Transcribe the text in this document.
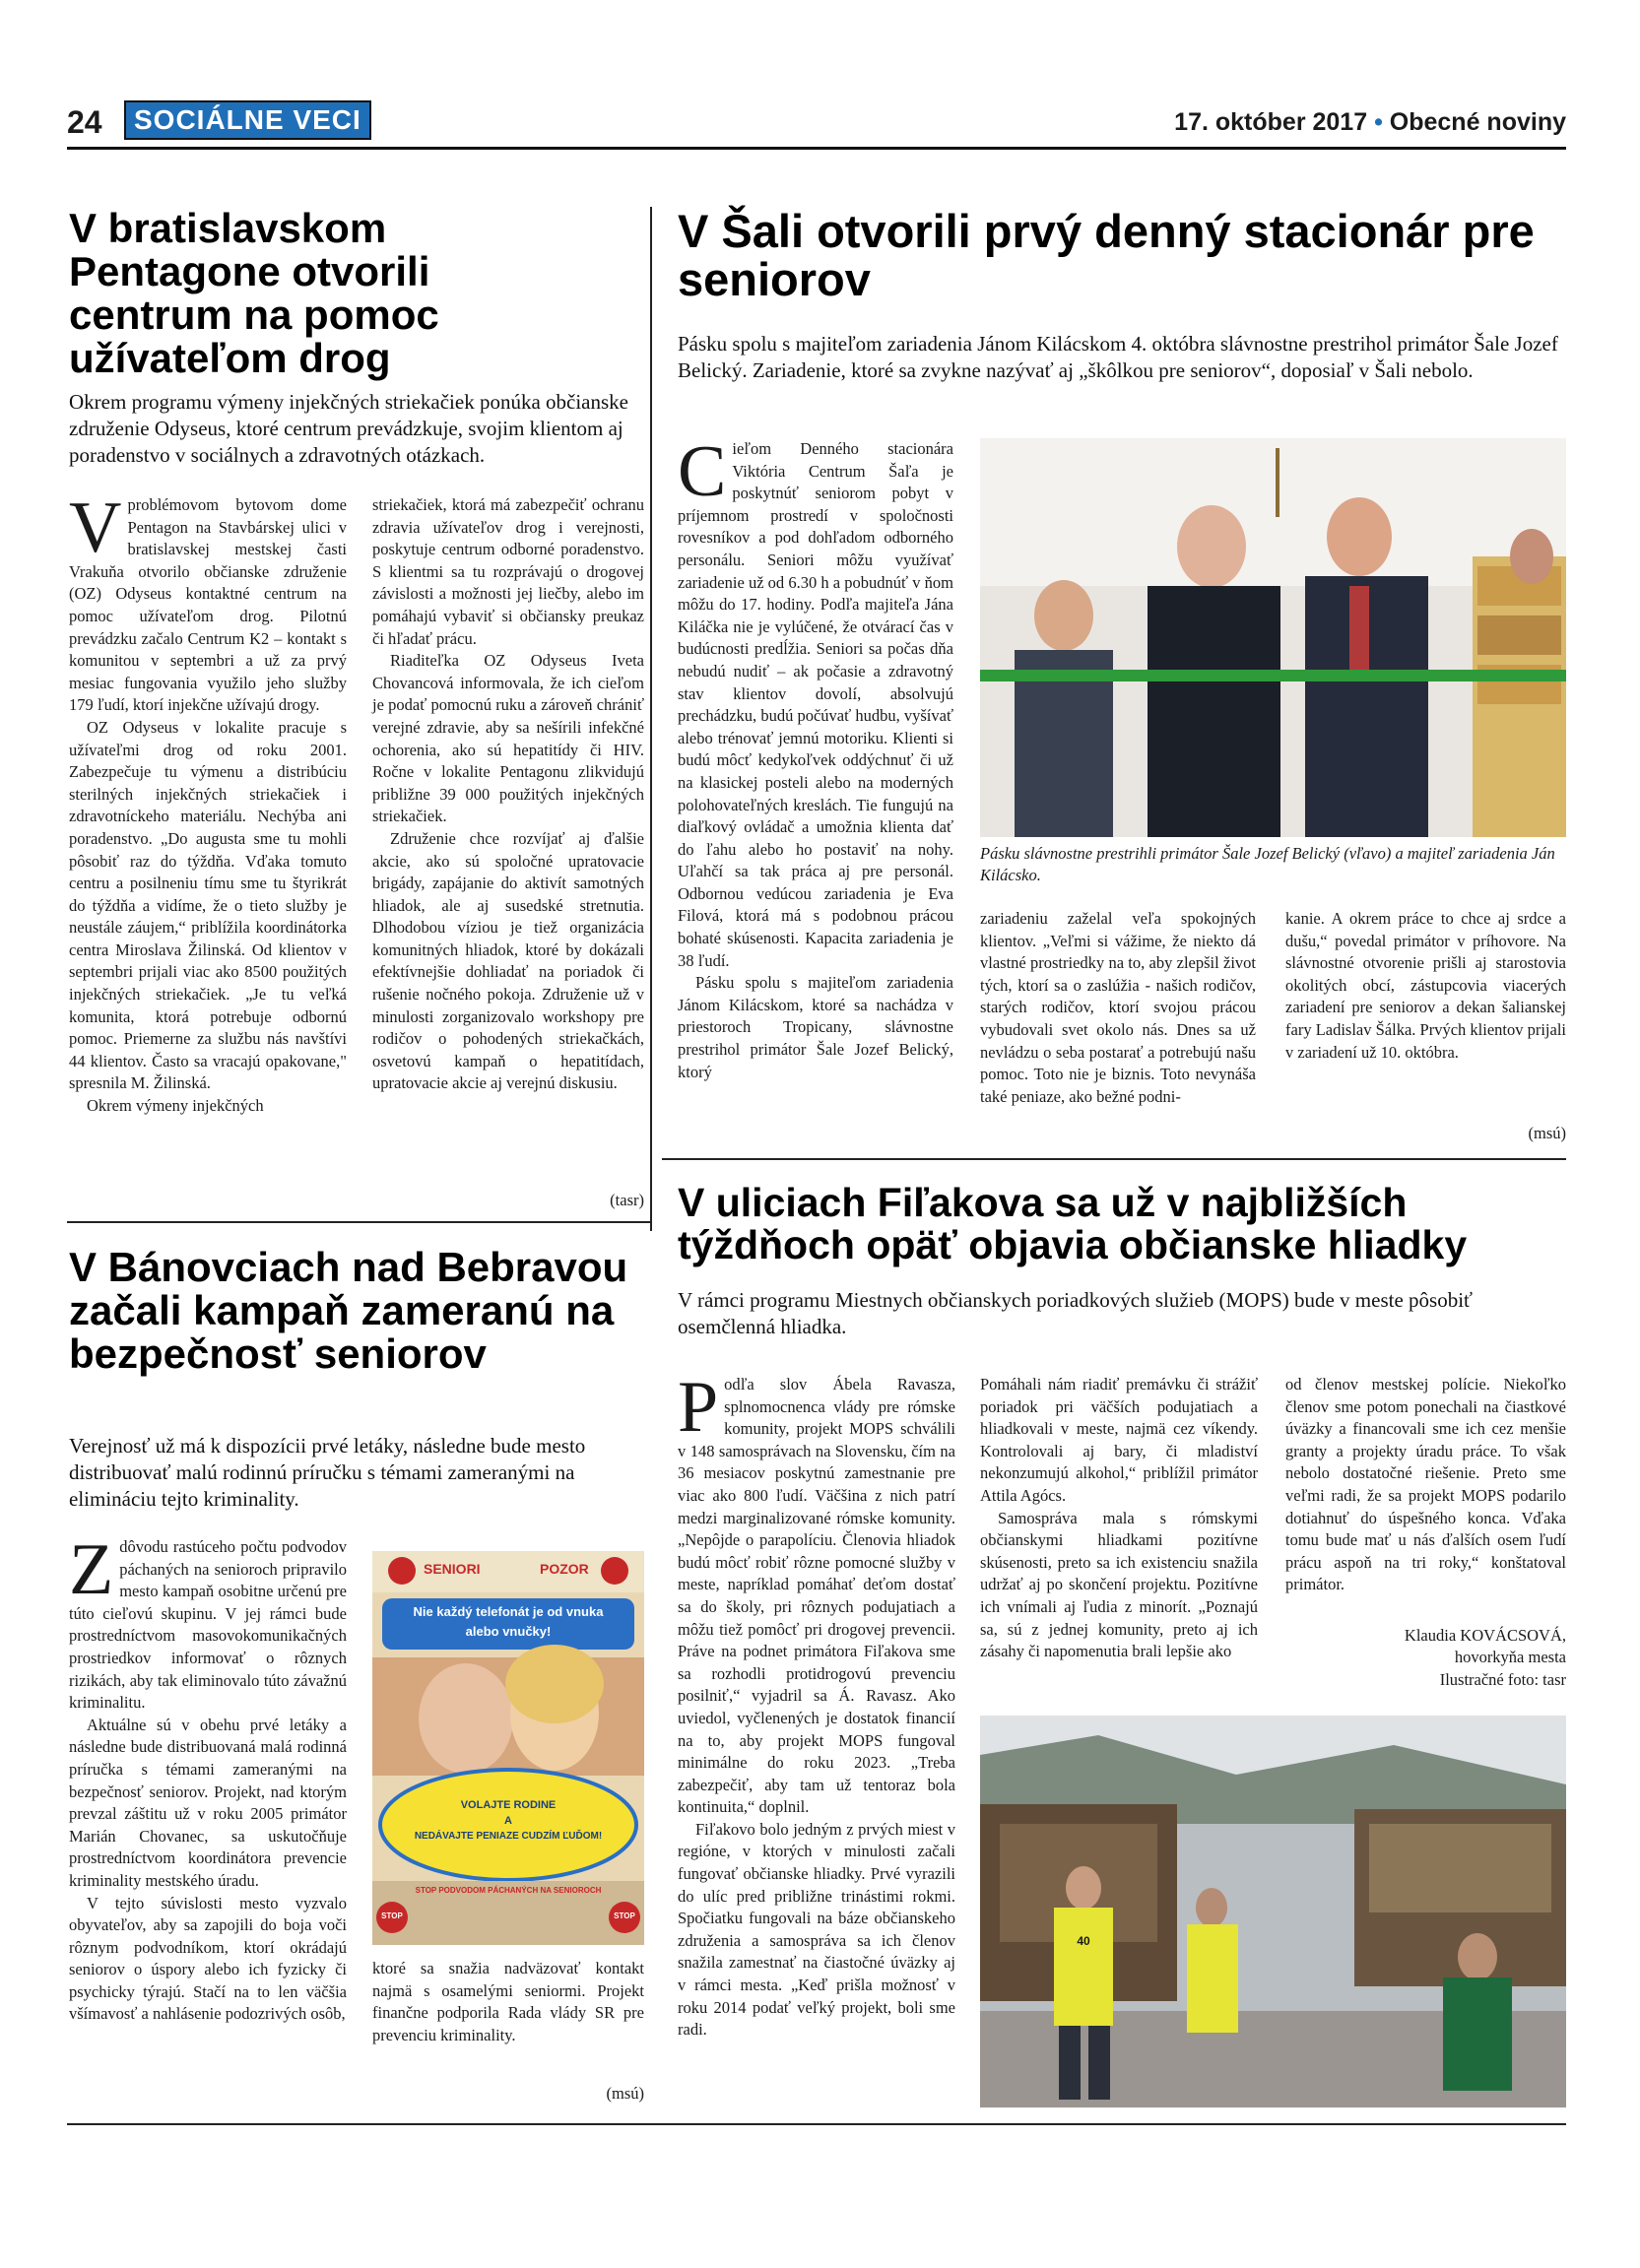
24	SOCIÁLNE VECI	17. október 2017 • Obecné noviny
V bratislavskom Pentagone otvorili centrum na pomoc užívateľom drog
Okrem programu výmeny injekčných striekačiek ponúka občianske združenie Odyseus, ktoré centrum prevádzkuje, svojim klientom aj poradenstvo v sociálnych a zdravotných otázkach.

Vproblémovom bytovom dome Pentagon na Stavbárskej ulici v bratislavskej mestskej časti Vrakuňa otvorilo občianske združenie (OZ) Odyseus kontaktné centrum na pomoc užívateľom drog. Pilotnú prevádzku začalo Centrum K2 – kontakt s komunitou v septembri a už za prvý mesiac fungovania využilo jeho služby 179 ľudí, ktorí injekčne užívajú drogy.

OZ Odyseus v lokalite pracuje s užívateľmi drog od roku 2001. Zabezpečuje tu výmenu a distribúciu sterilných injekčných striekačiek i zdravotníckeho materiálu. Nechýba ani poradenstvo. „Do augusta sme tu mohli pôsobiť raz do týždňa. Vďaka tomuto centru a posilneniu tímu sme tu štyrikrát do týždňa a vidíme, že o tieto služby je neustále záujem,“ priblížila koordinátorka centra Miroslava Žilinská. Od klientov v septembri prijali viac ako 8500 použitých injekčných striekačiek. „Je tu veľká komunita, ktorá potrebuje odbornú pomoc. Priemerne za službu nás navštívi 44 klientov. Často sa vracajú opakovane," spresnila M. Žilinská.

Okrem výmeny injekčných

striekačiek, ktorá má zabezpečiť ochranu zdravia užívateľov drog i verejnosti, poskytuje centrum odborné poradenstvo. S klientmi sa tu rozprávajú o drogovej závislosti a možnosti jej liečby, alebo im pomáhajú vybaviť si občiansky preukaz či hľadať prácu.

Riaditeľka OZ Odyseus Iveta Chovancová informovala, že ich cieľom je podať pomocnú ruku a zároveň chrániť verejné zdravie, aby sa nešírili infekčné ochorenia, ako sú hepatitídy či HIV. Ročne v lokalite Pentagonu zlikvidujú približne 39 000 použitých injekčných striekačiek.

Združenie chce rozvíjať aj ďalšie akcie, ako sú spoločné upratovacie brigády, zapájanie do aktivít samotných hliadok, ale aj susedské stretnutia. Dlhodobou víziou je tiež organizácia komunitných hliadok, ktoré by dokázali efektívnejšie dohliadať na poriadok či rušenie nočného pokoja. Združenie už v minulosti zorganizovalo workshopy pre rodičov o pohodených striekačkách, osvetovú kampaň o hepatitídach, upratovacie akcie aj verejnú diskusiu.

(tasr)
V Šali otvorili prvý denný stacionár pre seniorov
Pásku spolu s majiteľom zariadenia Jánom Kilácskom 4. októbra slávnostne prestrihol primátor Šale Jozef Belický. Zariadenie, ktoré sa zvykne nazývať aj „škôlkou pre seniorov“, doposiaľ v Šali nebolo.

Cieľom Denného stacionára Viktória Centrum Šaľa je poskytnúť seniorom pobyt v príjemnom prostredí v spoločnosti rovesníkov a pod dohľadom odborného personálu. Seniori môžu využívať zariadenie už od 6.30 h a pobudnúť v ňom môžu do 17. hodiny. Podľa majiteľa Jána Kiláčka nie je vylúčené, že otvárací čas v budúcnosti predĺžia. Seniori sa počas dňa nebudú nudiť – ak počasie a zdravotný stav klientov dovolí, absolvujú prechádzku, budú počúvať hudbu, vyšívať alebo trénovať jemnú motoriku. Klienti si budú môcť kedykoľvek oddýchnuť či už na klasickej posteli alebo na moderných polohovateľných kreslách. Tie fungujú na diaľkový ovládač a umožnia klienta dať do ľahu alebo ho postaviť na nohy. Uľahčí sa tak práca aj pre personál. Odbornou vedúcou zariadenia je Eva Filová, ktorá má s podobnou prácou bohaté skúsenosti. Kapacita zariadenia je 38 ľudí.

Pásku spolu s majiteľom zariadenia Jánom Kilácskom, ktoré sa nachádza v priestoroch Tropicany, slávnostne prestrihol primátor Šale Jozef Belický, ktorý

Pásku slávnostne prestrihli primátor Šale Jozef Belický (vľavo) a majiteľ zariadenia Ján Kilácsko.

zariadeniu zaželal veľa spokojných klientov. „Veľmi si vážime, že niekto dá vlastné prostriedky na to, aby zlepšil život tých, ktorí sa o zaslúžia - našich rodičov, starých rodičov, ktorí svojou prácou vybudovali svet okolo nás. Dnes sa už nevládzu o seba postarať a potrebujú našu pomoc. Toto nie je biznis. Toto nevynáša také peniaze, ako bežné podni-

kanie. A okrem práce to chce aj srdce a dušu,“ povedal primátor v príhovore. Na slávnostné otvorenie prišli aj starostovia okolitých obcí, zástupcovia viacerých zariadení pre seniorov a dekan šalianskej fary Ladislav Šálka. Prvých klientov prijali v zariadení už 10. októbra.

(msú)
V Bánovciach nad Bebravou začali kampaň zameranú na bezpečnosť seniorov
Verejnosť už má k dispozícii prvé letáky, následne bude mesto distribuovať malú rodinnú príručku s témami zameranými na elimináciu tejto kriminality.

Zdôvodu rastúceho počtu podvodov páchaných na senioroch pripravilo mesto kampaň osobitne určenú pre túto cieľovú skupinu. V jej rámci bude prostredníctvom masovokomunikačných prostriedkov informovať o rôznych rizikách, aby tak eliminovalo túto závažnú kriminalitu.

Aktuálne sú v obehu prvé letáky a následne bude distribuovaná malá rodinná príručka s témami zameranými na bezpečnosť seniorov. Projekt, nad ktorým prevzal záštitu už v roku 2005 primátor Marián Chovanec, sa uskutočňuje prostredníctvom koordinátora prevencie kriminality mestského úradu.

V tejto súvislosti mesto vyzvalo obyvateľov, aby sa zapojili do boja voči rôznym podvodníkom, ktorí okrádajú seniorov o úspory alebo ich fyzicky či psychicky týrajú. Stačí na to len väčšia všímavosť a nahlásenie podozrivých osôb,

SENIORI	POZOR
Nie každý telefonát je od vnuka
alebo vnučky!
VOLAJTE RODINE
A
NEDÁVAJTE PENIAZE CUDZÍM ĽUĎOM!
STOP	STOP
STOP PODVODOM PÁCHANÝCH NA SENIOROCH

ktoré sa snažia nadväzovať kontakt najmä s osamelými seniormi. Projekt finančne podporila Rada vlády SR pre prevenciu kriminality.

(msú)
V uliciach Fiľakova sa už v najbližších týždňoch opäť objavia občianske hliadky
V rámci programu Miestnych občianskych poriadkových služieb (MOPS) bude v meste pôsobiť osemčlenná hliadka.

Podľa slov Ábela Ravasza, splnomocnenca vlády pre rómske komunity, projekt MOPS schválili v 148 samosprávach na Slovensku, čím na 36 mesiacov poskytnú zamestnanie pre viac ako 800 ľudí. Väčšina z nich patrí medzi marginalizované rómske komunity. „Nepôjde o parapolíciu. Členovia hliadok budú môcť robiť rôzne pomocné služby v meste, napríklad pomáhať deťom dostať sa do školy, pri rôznych podujatiach a môžu tiež pomôcť pri drogovej prevencii. Práve na podnet primátora Fiľakova sme sa rozhodli protidrogovú prevenciu posilniť,“ vyjadril sa Á. Ravasz. Ako uviedol, vyčlenených je dostatok financií na to, aby projekt MOPS fungoval minimálne do roku 2023. „Treba zabezpečiť, aby tam už tentoraz bola kontinuita,“ doplnil.

Fiľakovo bolo jedným z prvých miest v regióne, v ktorých v minulosti začali fungovať občianske hliadky. Prvé vyrazili do ulíc pred približne trinástimi rokmi. Spočiatku fungovali na báze občianskeho združenia a samospráva sa ich členov snažila zamestnať na čiastočné úväzky aj v rámci mesta. „Keď prišla možnosť v roku 2014 podať veľký projekt, boli sme radi.

Pomáhali nám riadiť premávku či strážiť poriadok pri väčších podujatiach a hliadkovali v meste, najmä cez víkendy. Kontrolovali aj bary, či mladiství nekonzumujú alkohol,“ priblížil primátor Attila Agócs.

Samospráva mala s rómskymi občianskymi hliadkami pozitívne skúsenosti, preto sa ich existenciu snažila udržať aj po skončení projektu. Pozitívne ich vnímali aj ľudia z minorít. „Poznajú sa, sú z jednej komunity, preto aj ich zásahy či napomenutia brali lepšie ako

od členov mestskej polície. Niekoľko členov sme potom ponechali na čiastkové úväzky a financovali sme ich cez menšie granty a projekty úradu práce. To však nebolo dostatočné riešenie. Preto sme veľmi radi, že sa projekt MOPS podarilo dotiahnuť do úspešného konca. Vďaka tomu bude mať u nás ďalších osem ľudí prácu aspoň na tri roky,“ konštatoval primátor.

Klaudia KOVÁCSOVÁ,
hovorkyňa mesta
Ilustračné foto: tasr
40
